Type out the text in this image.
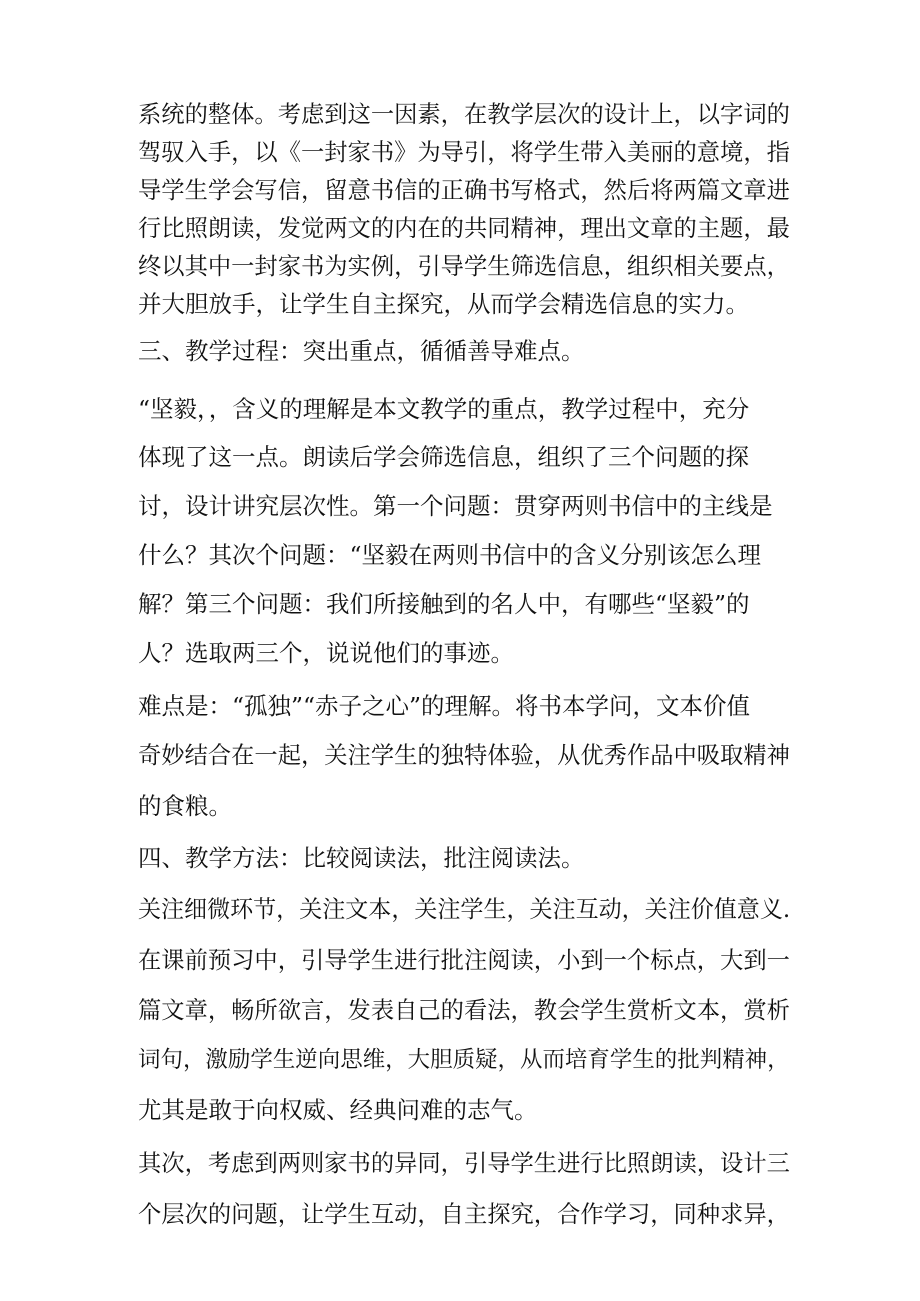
系统的整体。考虑到这一因素，在教学层次的设计上，以字词的
驾驭入手，以《一封家书》为导引，将学生带入美丽的意境，指
导学生学会写信，留意书信的正确书写格式，然后将两篇文章进
行比照朗读，发觉两文的内在的共同精神，理出文章的主题，最
终以其中一封家书为实例，引导学生筛选信息，组织相关要点，
并大胆放手，让学生自主探究，从而学会精选信息的实力。
三、教学过程：突出重点，循循善导难点。
“坚毅，，含义的理解是本文教学的重点，教学过程中，充分
体现了这一点。朗读后学会筛选信息，组织了三个问题的探
讨，设计讲究层次性。第一个问题：贯穿两则书信中的主线是
什么？其次个问题：“坚毅在两则书信中的含义分别该怎么理
解？第三个问题：我们所接触到的名人中，有哪些“坚毅”的
人？选取两三个，说说他们的事迹。
难点是：“孤独”“赤子之心”的理解。将书本学问，文本价值
奇妙结合在一起，关注学生的独特体验，从优秀作品中吸取精神
的食粮。
四、教学方法：比较阅读法，批注阅读法。
关注细微环节，关注文本，关注学生，关注互动，关注价值意义.
在课前预习中，引导学生进行批注阅读，小到一个标点，大到一
篇文章，畅所欲言，发表自己的看法，教会学生赏析文本，赏析
词句，激励学生逆向思维，大胆质疑，从而培育学生的批判精神，
尤其是敢于向权威、经典问难的志气。
其次，考虑到两则家书的异同，引导学生进行比照朗读，设计三
个层次的问题，让学生互动，自主探究，合作学习，同种求异，
